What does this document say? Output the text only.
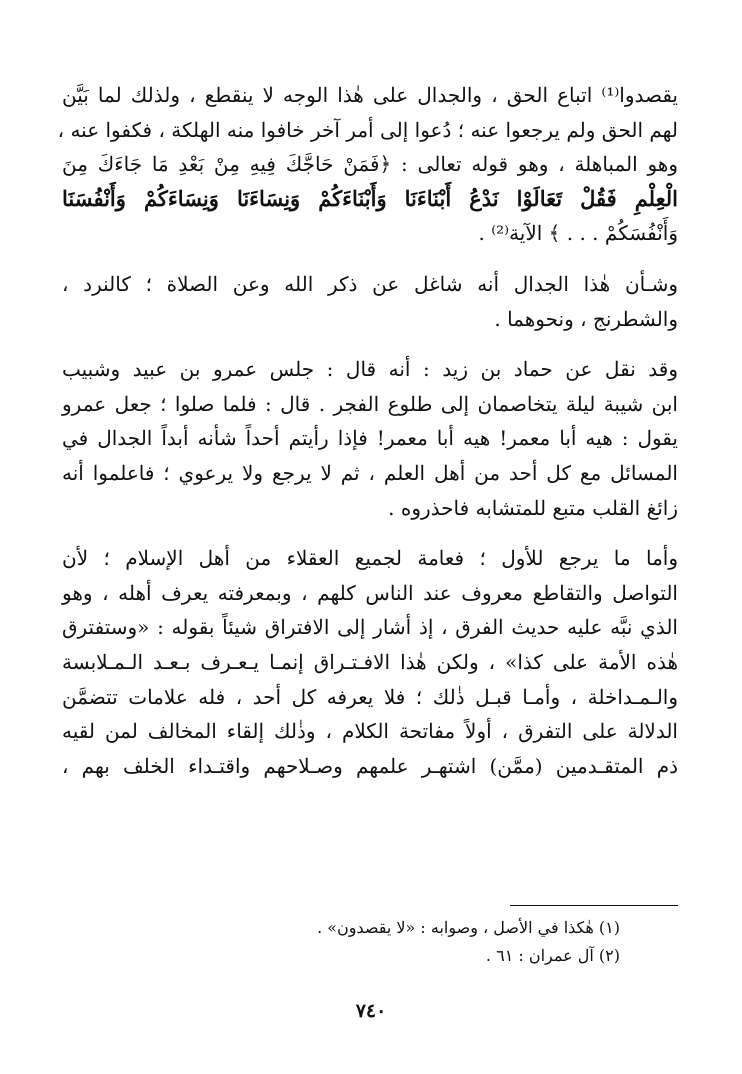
يقصدوا⁽¹⁾ اتباع الحق ، والجدال على هٰذا الوجه لا ينقطع ، ولذلك لما بَيَّن
لهم الحق ولم يرجعوا عنه ؛ دُعوا إلى أمر آخر خافوا منه الهلكة ، فكفوا عنه ،
وهو المباهلة ، وهو قوله تعالى : ﴿فَمَنْ حَاجَّكَ فِيهِ مِنْ بَعْدِ مَا جَاءَكَ مِنَ
الْعِلْمِ فَقُلْ تَعَالَوْا نَدْعُ أَبْنَاءَنَا وَأَبْنَاءَكُمْ وَنِسَاءَنَا وَنِسَاءَكُمْ وَأَنْفُسَنَا
وَأَنْفُسَكُمْ . . . ﴾ الآية⁽²⁾ .
وشـأن هٰذا الجدال أنه شاغل عن ذكر الله وعن الصلاة ؛ كالنرد ،
والشطرنج ، ونحوهما .
وقد نقل عن حماد بن زيد : أنه قال : جلس عمرو بن عبيد وشبيب
ابن شيبة ليلة يتخاصمان إلى طلوع الفجر . قال : فلما صلوا ؛ جعل عمرو
يقول : هيه أبا معمر! هيه أبا معمر! فإذا رأيتم أحداً شأنه أبداً الجدال في
المسائل مع كل أحد من أهل العلم ، ثم لا يرجع ولا يرعوي ؛ فاعلموا أنه
زائغ القلب متبع للمتشابه فاحذروه .
وأما ما يرجع للأول ؛ فعامة لجميع العقلاء من أهل الإسلام ؛ لأن
التواصل والتقاطع معروف عند الناس كلهم ، وبمعرفته يعرف أهله ، وهو
الذي نبَّه عليه حديث الفرق ، إذ أشار إلى الافتراق شيئاً بقوله : «وستفترق
هٰذه الأمة على كذا» ، ولكن هٰذا الافـتـراق إنمـا يـعـرف بـعـد الـمـلابسة
والـمـداخلة ، وأمـا قبـل ذٰلك ؛ فلا يعرفه كل أحد ، فله علامات تتضمَّن
الدلالة على التفرق ، أولاً مفاتحة الكلام ، وذٰلك إلقاء المخالف لمن لقيه
ذم المتقـدمين (ممَّن) اشتهـر علمهم وصـلاحهم واقتـداء الخلف بهم ،
(١) هٰكذا في الأصل ، وصوابه : «لا يقصدون» .
(٢) آل عمران : ٦١ .
٧٤٠
